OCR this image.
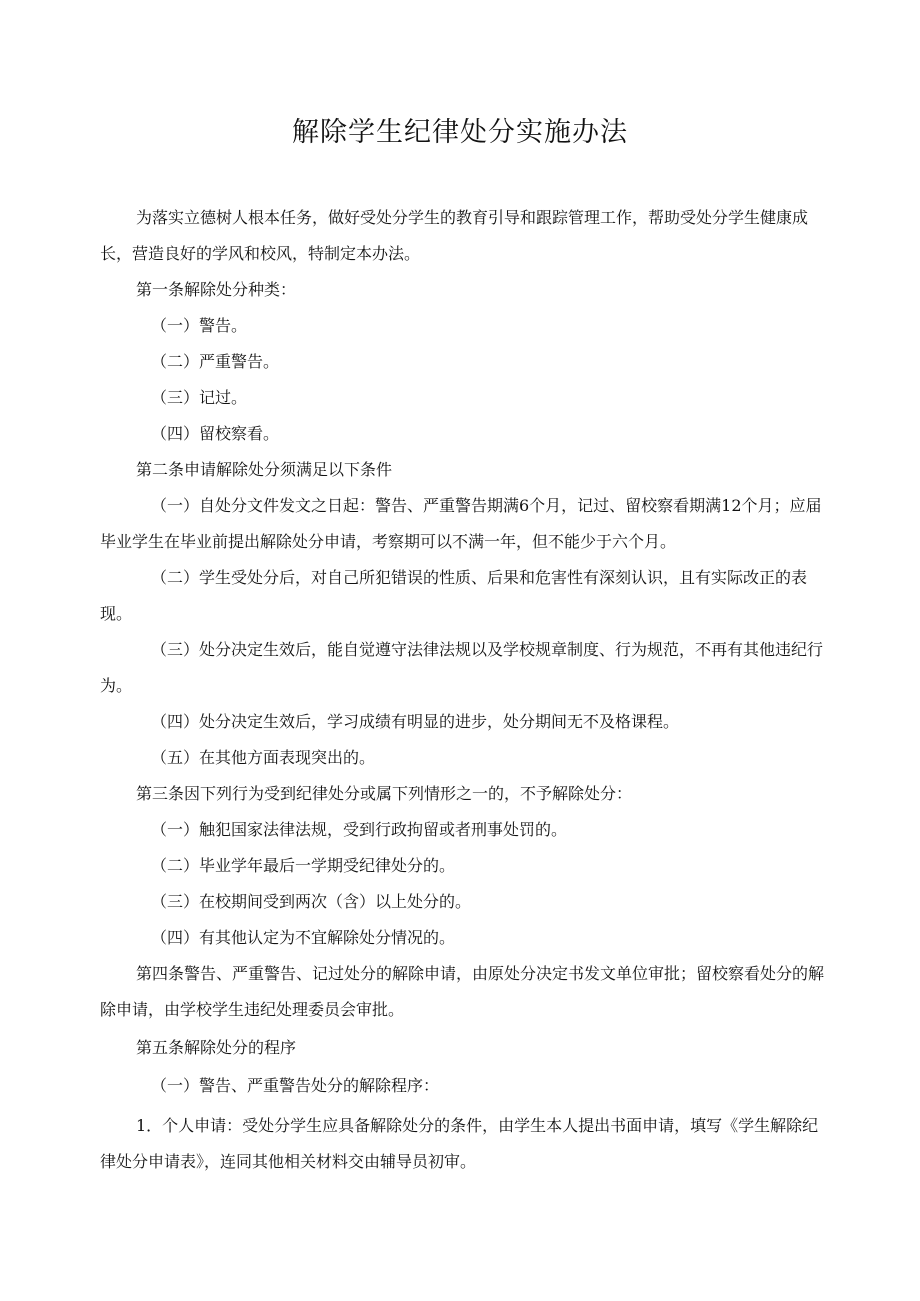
解除学生纪律处分实施办法
为落实立德树人根本任务，做好受处分学生的教育引导和跟踪管理工作，帮助受处分学生健康成长，营造良好的学风和校风，特制定本办法。
第一条解除处分种类：
（一）警告。
（二）严重警告。
（三）记过。
（四）留校察看。
第二条申请解除处分须满足以下条件
（一）自处分文件发文之日起：警告、严重警告期满6个月，记过、留校察看期满12个月；应届毕业学生在毕业前提出解除处分申请，考察期可以不满一年，但不能少于六个月。
（二）学生受处分后，对自己所犯错误的性质、后果和危害性有深刻认识，且有实际改正的表现。
（三）处分决定生效后，能自觉遵守法律法规以及学校规章制度、行为规范，不再有其他违纪行为。
（四）处分决定生效后，学习成绩有明显的进步，处分期间无不及格课程。
（五）在其他方面表现突出的。
第三条因下列行为受到纪律处分或属下列情形之一的，不予解除处分：
（一）触犯国家法律法规，受到行政拘留或者刑事处罚的。
（二）毕业学年最后一学期受纪律处分的。
（三）在校期间受到两次（含）以上处分的。
（四）有其他认定为不宜解除处分情况的。
第四条警告、严重警告、记过处分的解除申请，由原处分决定书发文单位审批；留校察看处分的解除申请，由学校学生违纪处理委员会审批。
第五条解除处分的程序
（一）警告、严重警告处分的解除程序：
1．个人申请：受处分学生应具备解除处分的条件，由学生本人提出书面申请，填写《学生解除纪律处分申请表》，连同其他相关材料交由辅导员初审。
